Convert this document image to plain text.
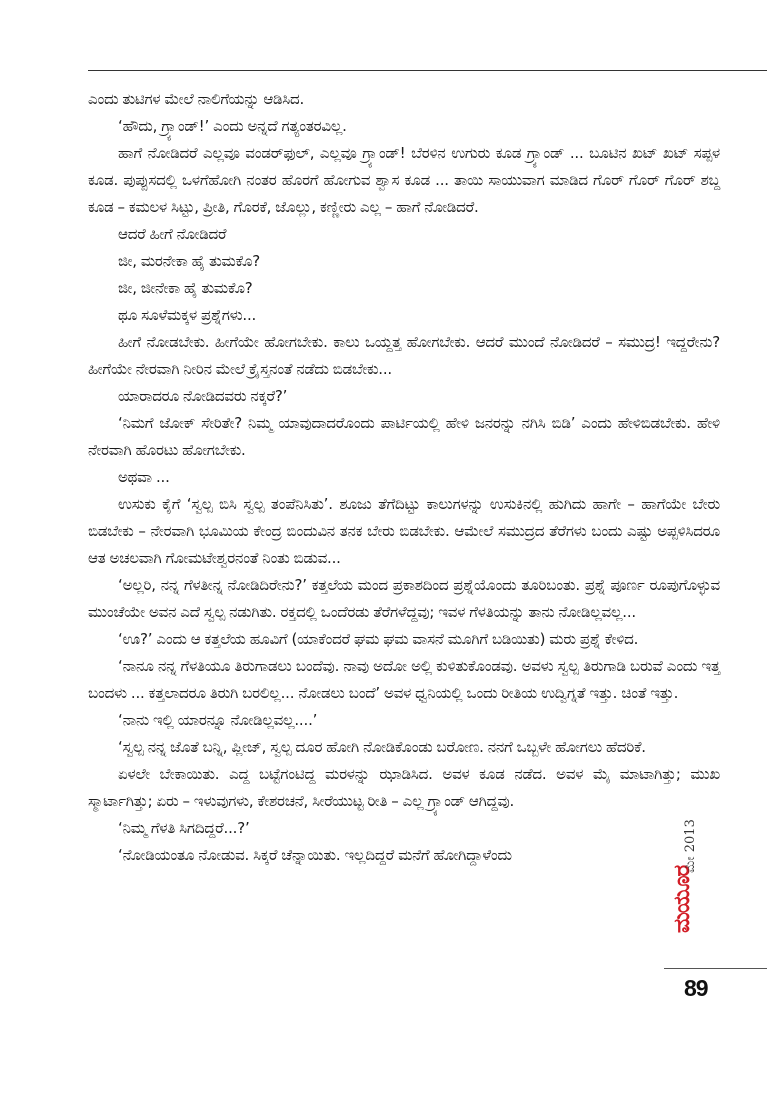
ಎಂದು ತುಟಿಗಳ ಮೇಲೆ ನಾಲಿಗೆಯನ್ನು ಆಡಿಸಿದ.

‘ಹೌದು, ಗ್ರ್ಯಾಂಡ್!’ ಎಂದು ಅನ್ನದೆ ಗತ್ಯಂತರವಿಲ್ಲ.

ಹಾಗೆ ನೋಡಿದರೆ ಎಲ್ಲವೂ ವಂಡರ್‌ಫುಲ್, ಎಲ್ಲವೂ ಗ್ರ್ಯಾಂಡ್! ಬೆರಳಿನ ಉಗುರು ಕೂಡ ಗ್ರ್ಯಾಂಡ್ ... ಬೂಟಿನ ಖಟ್ ಖಟ್ ಸಪ್ಪಳ ಕೂಡ. ಪುಪ್ಪುಸದಲ್ಲಿ ಒಳಗೆಹೋಗಿ ನಂತರ ಹೊರಗೆ ಹೋಗುವ ಶ್ವಾಸ ಕೂಡ ... ತಾಯಿ ಸಾಯುವಾಗ ಮಾಡಿದ ಗೊರ್ ಗೊರ್ ಗೊರ್ ಶಬ್ದ ಕೂಡ – ಕಮಲಳ ಸಿಟ್ಟು, ಪ್ರೀತಿ, ಗೊರಕೆ, ಜೊಲ್ಲು, ಕಣ್ಣೀರು ಎಲ್ಲ – ಹಾಗೆ ನೋಡಿದರೆ.

ಆದರೆ ಹೀಗೆ ನೋಡಿದರೆ

ಜೀ, ಮರನೇಕಾ ಹೈ ತುಮಕೊ?

ಜೀ, ಜೀನೇಕಾ ಹೈ ತುಮಕೊ?

ಥೂ ಸೂಳೆಮಕ್ಕಳ ಪ್ರಶ್ನೆಗಳು...

ಹೀಗೆ ನೋಡಬೇಕು. ಹೀಗೆಯೇ ಹೋಗಬೇಕು. ಕಾಲು ಒಯ್ದತ್ತ ಹೋಗಬೇಕು. ಆದರೆ ಮುಂದೆ ನೋಡಿದರೆ – ಸಮುದ್ರ! ಇದ್ದರೇನು? ಹೀಗೆಯೇ ನೇರವಾಗಿ ನೀರಿನ ಮೇಲೆ ಕ್ರೈಸ್ತನಂತೆ ನಡೆದು ಬಿಡಬೇಕು...

ಯಾರಾದರೂ ನೋಡಿದವರು ನಕ್ಕರೆ?’

‘ನಿಮಗೆ ಜೋಕ್ ಸೇರಿತೇ? ನಿಮ್ಮ ಯಾವುದಾದರೊಂದು ಪಾರ್ಟಿಯಲ್ಲಿ ಹೇಳಿ ಜನರನ್ನು ನಗಿಸಿ ಬಿಡಿ’ ಎಂದು ಹೇಳಿಬಿಡಬೇಕು. ಹೇಳಿ ನೇರವಾಗಿ ಹೊರಟು ಹೋಗಬೇಕು.

ಅಥವಾ ...

ಉಸುಕು ಕೈಗೆ ‘ಸ್ವಲ್ಪ ಬಿಸಿ ಸ್ವಲ್ಪ ತಂಪೆನಿಸಿತು’. ಶೂಜು ತೆಗೆದಿಟ್ಟು ಕಾಲುಗಳನ್ನು ಉಸುಕಿನಲ್ಲಿ ಹುಗಿದು ಹಾಗೇ – ಹಾಗೆಯೇ ಬೇರು ಬಿಡಬೇಕು – ನೇರವಾಗಿ ಭೂಮಿಯ ಕೇಂದ್ರ ಬಿಂದುವಿನ ತನಕ ಬೇರು ಬಿಡಬೇಕು. ಆಮೇಲೆ ಸಮುದ್ರದ ತೆರೆಗಳು ಬಂದು ಎಷ್ಟು ಅಪ್ಪಳಿಸಿದರೂ ಆತ ಅಚಲವಾಗಿ ಗೋಮಟೇಶ್ವರನಂತೆ ನಿಂತು ಬಿಡುವ...

‘ಅಲ್ಲರಿ, ನನ್ನ ಗೆಳತೀನ್ನ ನೋಡಿದಿರೇನು?’ ಕತ್ತಲೆಯ ಮಂದ ಪ್ರಕಾಶದಿಂದ ಪ್ರಶ್ನೆಯೊಂದು ತೂರಿಬಂತು. ಪ್ರಶ್ನೆ ಪೂರ್ಣ ರೂಪುಗೊಳ್ಳುವ ಮುಂಚೆಯೇ ಅವನ ಎದೆ ಸ್ವಲ್ಪ ನಡುಗಿತು. ರಕ್ತದಲ್ಲಿ ಒಂದೆರಡು ತೆರೆಗಳೆದ್ದವು; ಇವಳ ಗೆಳತಿಯನ್ನು ತಾನು ನೋಡಿಲ್ಲವಲ್ಲ...

‘ಊ?’ ಎಂದು ಆ ಕತ್ತಲೆಯ ಹೂವಿಗೆ (ಯಾಕೆಂದರೆ ಘಮ ಘಮ ವಾಸನೆ ಮೂಗಿಗೆ ಬಡಿಯಿತು) ಮರು ಪ್ರಶ್ನೆ ಕೇಳಿದ.

‘ನಾನೂ ನನ್ನ ಗೆಳತಿಯೂ ತಿರುಗಾಡಲು ಬಂದೆವು. ನಾವು ಅದೋ ಅಲ್ಲಿ ಕುಳಿತುಕೊಂಡವು. ಅವಳು ಸ್ವಲ್ಪ ತಿರುಗಾಡಿ ಬರುವೆ ಎಂದು ಇತ್ತ ಬಂದಳು ... ಕತ್ತಲಾದರೂ ತಿರುಗಿ ಬರಲಿಲ್ಲ... ನೋಡಲು ಬಂದೆ’ ಅವಳ ಧ್ವನಿಯಲ್ಲಿ ಒಂದು ರೀತಿಯ ಉದ್ವಿಗ್ನತೆ ಇತ್ತು. ಚಿಂತೆ ಇತ್ತು.

‘ನಾನು ಇಲ್ಲಿ ಯಾರನ್ನೂ ನೋಡಿಲ್ಲವಲ್ಲ....’

‘ಸ್ವಲ್ಪ ನನ್ನ ಜೊತೆ ಬನ್ನಿ, ಪ್ಲೀಜ್, ಸ್ವಲ್ಪ ದೂರ ಹೋಗಿ ನೋಡಿಕೊಂಡು ಬರೋಣ. ನನಗೆ ಒಬ್ಬಳೇ ಹೋಗಲು ಹೆದರಿಕೆ.

ಏಳಲೇ ಬೇಕಾಯಿತು. ಎದ್ದ ಬಟ್ಟೆಗಂಟಿದ್ದ ಮರಳನ್ನು ಝಾಡಿಸಿದ. ಅವಳ ಕೂಡ ನಡೆದ. ಅವಳ ಮೈ ಮಾಟಾಗಿತ್ತು; ಮುಖ ಸ್ಮಾರ್ಟಾಗಿತ್ತು; ಏರು – ಇಳುವುಗಳು, ಕೇಶರಚನೆ, ಸೀರೆಯುಟ್ಟ ರೀತಿ – ಎಲ್ಲ ಗ್ರ್ಯಾಂಡ್ ಆಗಿದ್ದವು.

‘ನಿಮ್ಮ ಗೆಳತಿ ಸಿಗದಿದ್ದರೆ...?’

‘ನೋಡಿಯಂತೂ ನೋಡುವ. ಸಿಕ್ಕರೆ ಚೆನ್ನಾಯಿತು. ಇಲ್ಲದಿದ್ದರೆ ಮನೆಗೆ ಹೋಗಿದ್ದಾಳೆಂದು

ಮಯೂರ
ಮೇ 2013
89
